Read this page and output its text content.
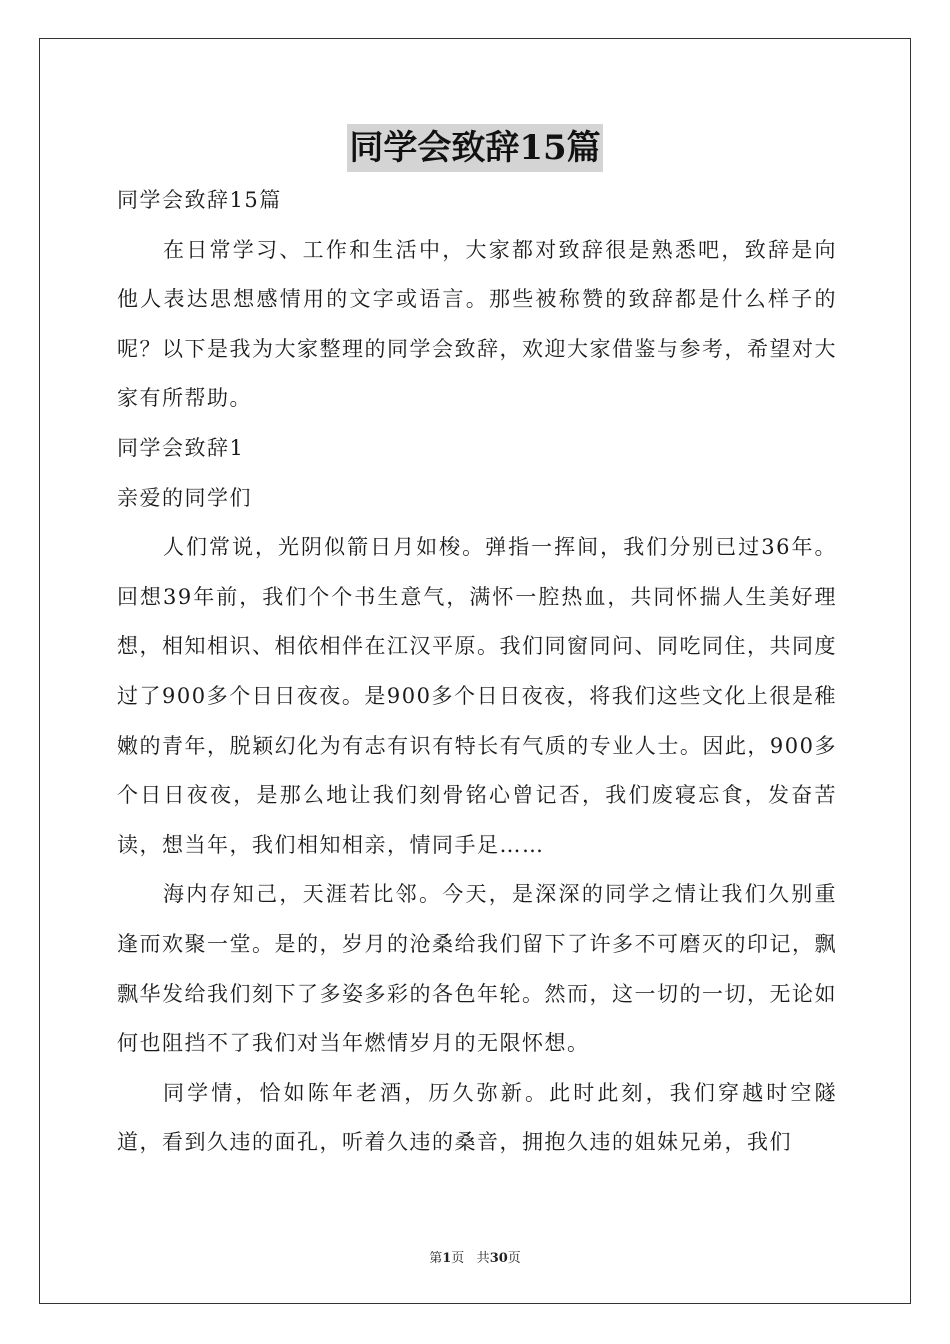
同学会致辞15篇

同学会致辞15篇

在日常学习、工作和生活中，大家都对致辞很是熟悉吧，致辞是向他人表达思想感情用的文字或语言。那些被称赞的致辞都是什么样子的呢？以下是我为大家整理的同学会致辞，欢迎大家借鉴与参考，希望对大家有所帮助。

同学会致辞1

亲爱的同学们

人们常说，光阴似箭日月如梭。弹指一挥间，我们分别已过36年。回想39年前，我们个个书生意气，满怀一腔热血，共同怀揣人生美好理想，相知相识、相依相伴在江汉平原。我们同窗同问、同吃同住，共同度过了900多个日日夜夜。是900多个日日夜夜，将我们这些文化上很是稚嫩的青年，脱颖幻化为有志有识有特长有气质的专业人士。因此，900多个日日夜夜，是那么地让我们刻骨铭心曾记否，我们废寝忘食，发奋苦读，想当年，我们相知相亲，情同手足……

海内存知己，天涯若比邻。今天，是深深的同学之情让我们久别重逢而欢聚一堂。是的，岁月的沧桑给我们留下了许多不可磨灭的印记，飘飘华发给我们刻下了多姿多彩的各色年轮。然而，这一切的一切，无论如何也阻挡不了我们对当年燃情岁月的无限怀想。

同学情，恰如陈年老酒，历久弥新。此时此刻，我们穿越时空隧道，看到久违的面孔，听着久违的桑音，拥抱久违的姐妹兄弟，我们

第1页 共30页
